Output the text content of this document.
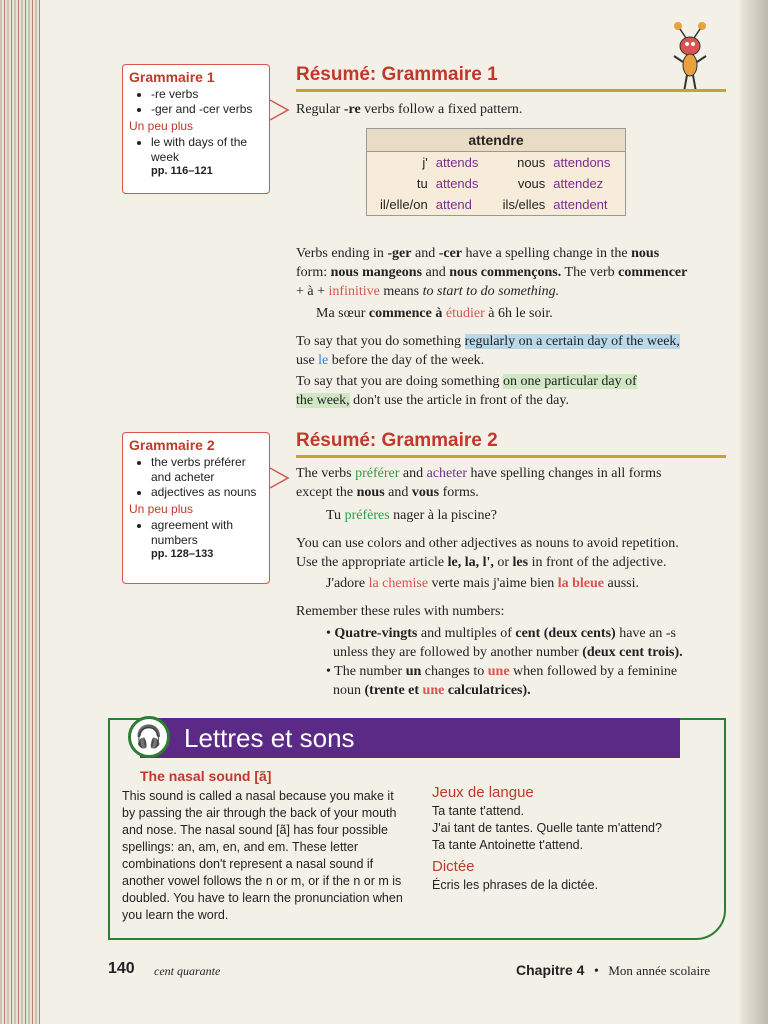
Grammaire 1
• -re verbs
• -ger and -cer verbs
Un peu plus
• le with days of the week
pp. 116–121
Résumé: Grammaire 1
Regular -re verbs follow a fixed pattern.
attendre			
j'	attends	nous	attendons
tu	attends	vous	attendez
il/elle/on	attend	ils/elles	attendent
Verbs ending in -ger and -cer have a spelling change in the nous
form: nous mangeons and nous commençons. The verb commencer
+ à + infinitive means to start to do something.
Ma sœur commence à étudier à 6h le soir.
To say that you do something regularly on a certain day of the week,
use le before the day of the week.
To say that you are doing something on one particular day of
the week, don't use the article in front of the day.
Grammaire 2
• the verbs préférer and acheter
• adjectives as nouns
Un peu plus
• agreement with numbers
pp. 128–133
Résumé: Grammaire 2
The verbs préférer and acheter have spelling changes in all forms
except the nous and vous forms.
Tu préfères nager à la piscine?
You can use colors and other adjectives as nouns to avoid repetition.
Use the appropriate article le, la, l', or les in front of the adjective.
J'adore la chemise verte mais j'aime bien la bleue aussi.
Remember these rules with numbers:
• Quatre-vingts and multiples of cent (deux cents) have an -s
unless they are followed by another number (deux cent trois).
• The number un changes to une when followed by a feminine
noun (trente et une calculatrices).
Lettres et sons
🎧
The nasal sound [ã]
This sound is called a nasal because you make it by passing the air through the back of your mouth and nose. The nasal sound [ã] has four possible spellings: an, am, en, and em. These letter combinations don't represent a nasal sound if another vowel follows the n or m, or if the n or m is doubled. You have to learn the pronunciation when you learn the word.
Jeux de langue
Ta tante t'attend.
J'ai tant de tantes. Quelle tante m'attend?
Ta tante Antoinette t'attend.
Dictée
Écris les phrases de la dictée.
140 cent quarante	Chapitre 4 • Mon année scolaire
